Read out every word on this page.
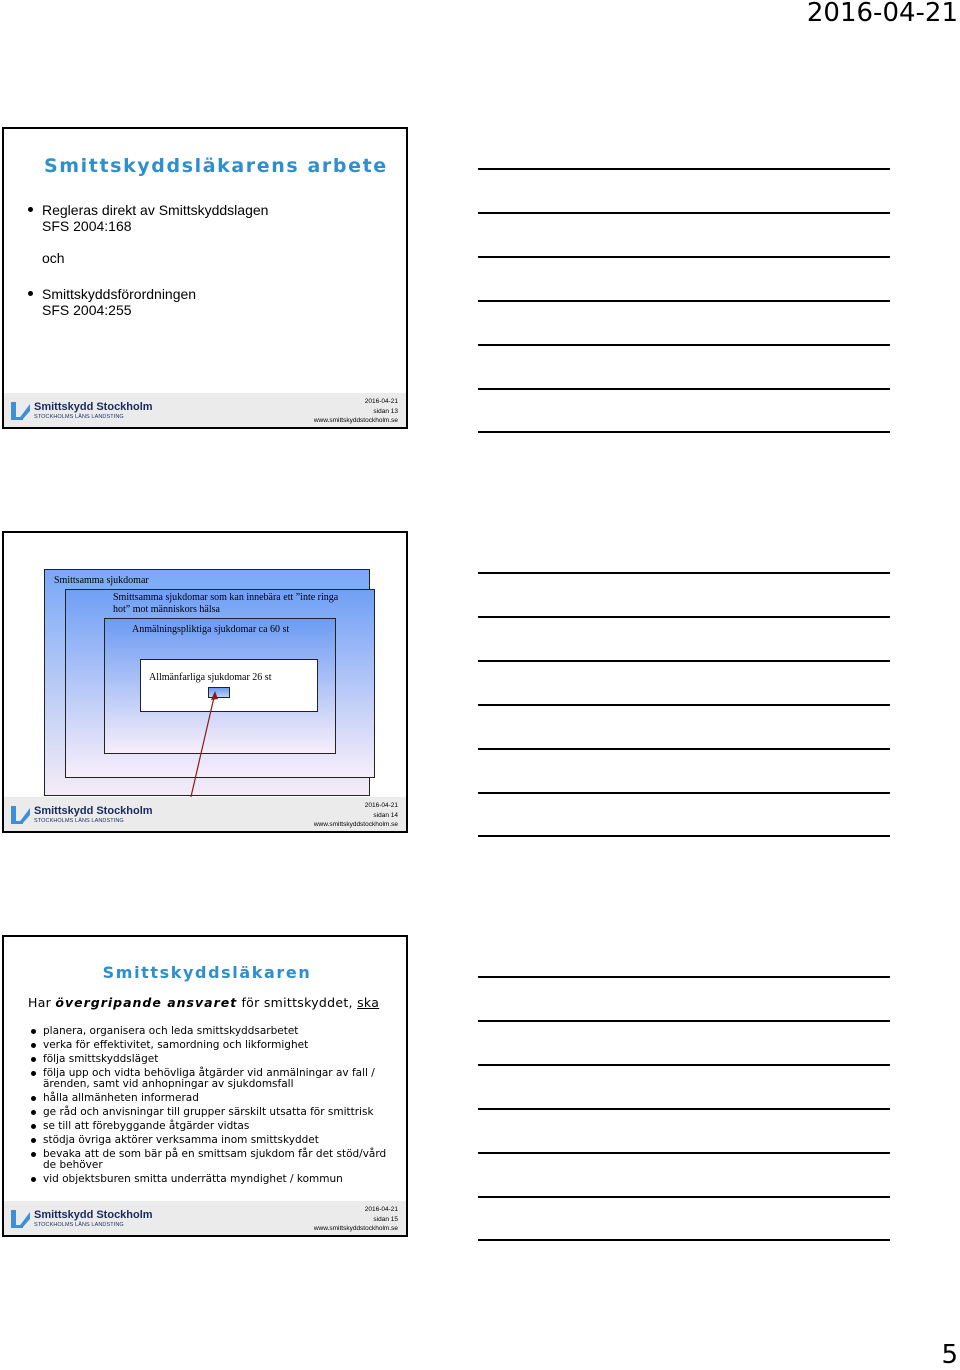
2016-04-21
Smittskyddsläkarens arbete
Regleras direkt av Smittskyddslagen
SFS 2004:168
och
Smittskyddsförordningen
SFS 2004:255
Smittskydd Stockholm
STOCKHOLMS LÄNS LANDSTING
2016-04-21
sidan 13
www.smittskyddstockholm.se
Smittsamma sjukdomar
Smittsamma sjukdomar som kan innebära ett ”inte ringa hot” mot människors hälsa
Anmälningspliktiga sjukdomar ca 60 st
Allmänfarliga sjukdomar 26 st
Smittskydd Stockholm
STOCKHOLMS LÄNS LANDSTING
2016-04-21
sidan 14
www.smittskyddstockholm.se
Smittskyddsläkaren
Har övergripande ansvaret för smittskyddet, ska
planera, organisera och leda smittskyddsarbetet
verka för effektivitet, samordning och likformighet
följa smittskyddsläget
följa upp och vidta behövliga åtgärder vid anmälningar av fall / ärenden, samt vid anhopningar av sjukdomsfall
hålla allmänheten informerad
ge råd och anvisningar till grupper särskilt utsatta för smittrisk
se till att förebyggande åtgärder vidtas
stödja övriga aktörer verksamma inom smittskyddet
bevaka att de som bär på en smittsam sjukdom får det stöd/vård de behöver
vid objektsburen smitta underrätta myndighet / kommun
Smittskydd Stockholm
STOCKHOLMS LÄNS LANDSTING
2016-04-21
sidan 15
www.smittskyddstockholm.se
5
